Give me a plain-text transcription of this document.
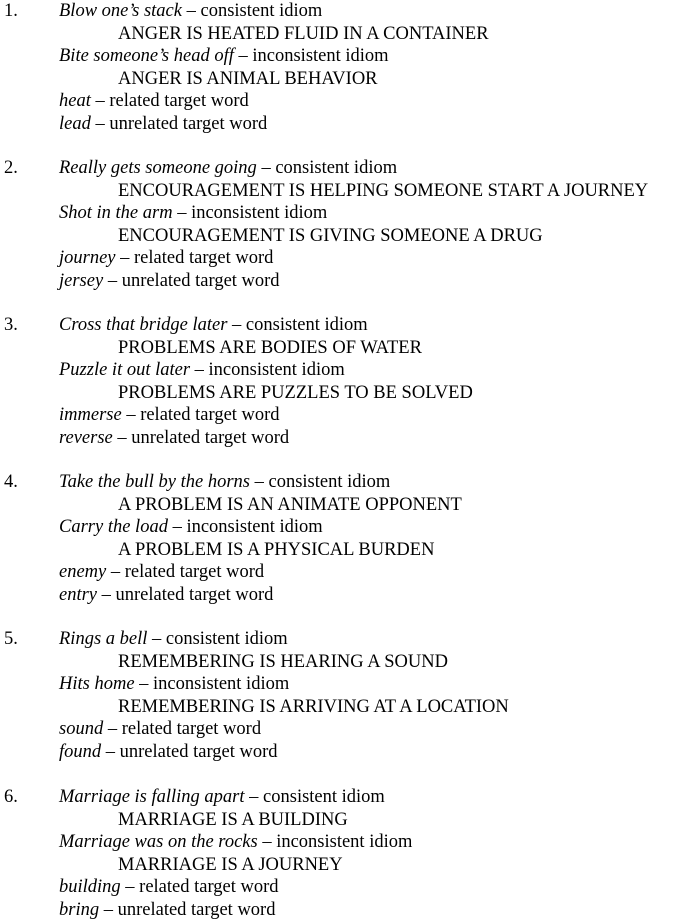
1. Blow one’s stack – consistent idiom
ANGER IS HEATED FLUID IN A CONTAINER
Bite someone’s head off – inconsistent idiom
ANGER IS ANIMAL BEHAVIOR
heat – related target word
lead – unrelated target word
2. Really gets someone going – consistent idiom
ENCOURAGEMENT IS HELPING SOMEONE START A JOURNEY
Shot in the arm – inconsistent idiom
ENCOURAGEMENT IS GIVING SOMEONE A DRUG
journey – related target word
jersey – unrelated target word
3. Cross that bridge later – consistent idiom
PROBLEMS ARE BODIES OF WATER
Puzzle it out later – inconsistent idiom
PROBLEMS ARE PUZZLES TO BE SOLVED
immerse – related target word
reverse – unrelated target word
4. Take the bull by the horns – consistent idiom
A PROBLEM IS AN ANIMATE OPPONENT
Carry the load – inconsistent idiom
A PROBLEM IS A PHYSICAL BURDEN
enemy – related target word
entry – unrelated target word
5. Rings a bell – consistent idiom
REMEMBERING IS HEARING A SOUND
Hits home – inconsistent idiom
REMEMBERING IS ARRIVING AT A LOCATION
sound – related target word
found – unrelated target word
6. Marriage is falling apart – consistent idiom
MARRIAGE IS A BUILDING
Marriage was on the rocks – inconsistent idiom
MARRIAGE IS A JOURNEY
building – related target word
bring – unrelated target word
